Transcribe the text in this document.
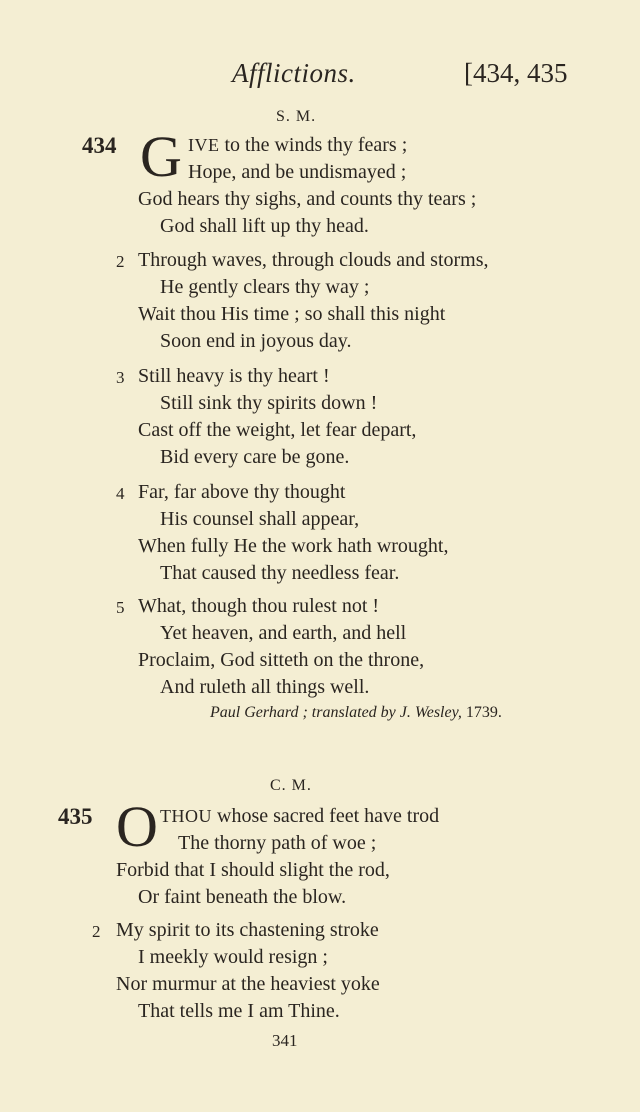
Afflictions.	[434, 435
S. M.
434 G IVE to the winds thy fears ;
Hope, and be undismayed ;
God hears thy sighs, and counts thy tears ;
God shall lift up thy head.
2 Through waves, through clouds and storms,
He gently clears thy way ;
Wait thou His time ; so shall this night
Soon end in joyous day.
3 Still heavy is thy heart !
Still sink thy spirits down !
Cast off the weight, let fear depart,
Bid every care be gone.
4 Far, far above thy thought
His counsel shall appear,
When fully He the work hath wrought,
That caused thy needless fear.
5 What, though thou rulest not !
Yet heaven, and earth, and hell
Proclaim, God sitteth on the throne,
And ruleth all things well.
Paul Gerhard ; translated by J. Wesley, 1739.
C. M.
435 O THOU whose sacred feet have trod
The thorny path of woe ;
Forbid that I should slight the rod,
Or faint beneath the blow.
2 My spirit to its chastening stroke
I meekly would resign ;
Nor murmur at the heaviest yoke
That tells me I am Thine.
341
